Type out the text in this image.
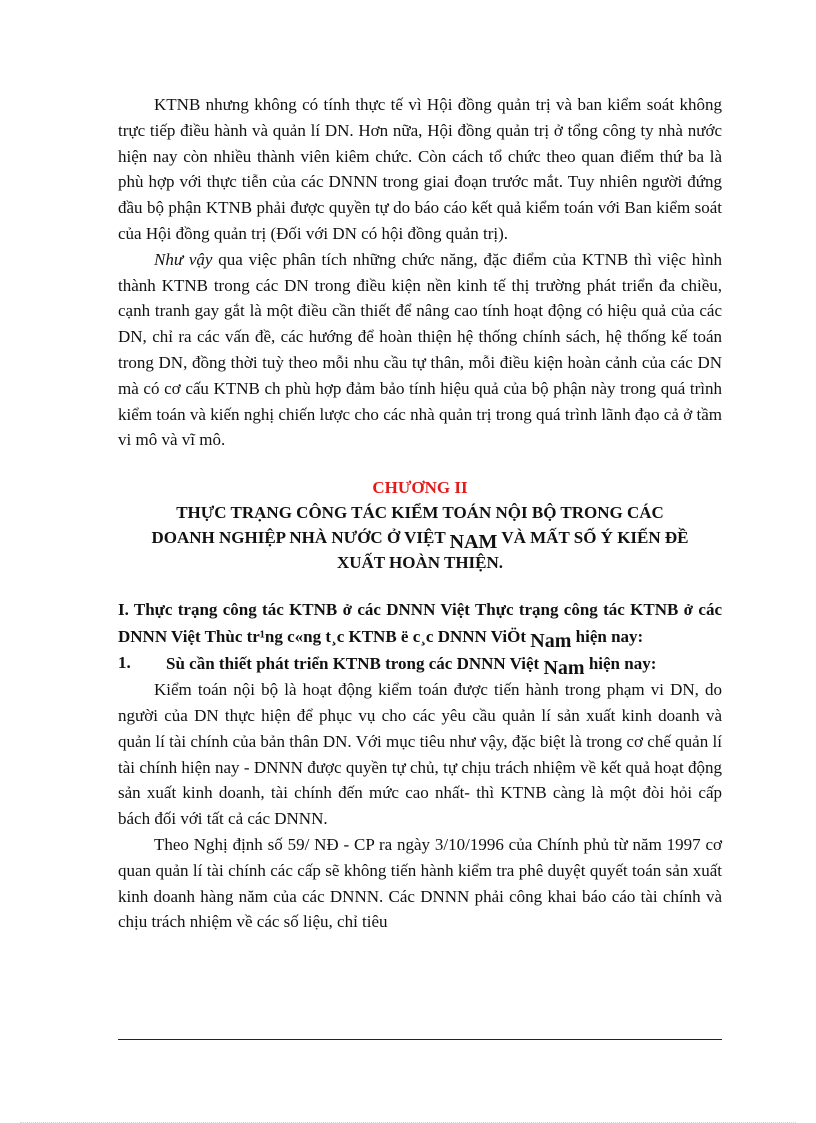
KTNB nhưng không có tính thực tế vì Hội đồng quản trị và ban kiểm soát không trực tiếp điều hành và quản lí DN. Hơn nữa, Hội đồng quản trị ở tổng công ty nhà nước hiện nay còn nhiều thành viên kiêm chức. Còn cách tổ chức theo quan điểm thứ ba là phù hợp với thực tiễn của các DNNN trong giai đoạn trước mắt. Tuy nhiên người đứng đầu bộ phận KTNB phải được quyền tự do báo cáo kết quả kiểm toán với Ban kiểm soát của Hội đồng quản trị (Đối với DN có hội đồng quản trị).

Như vậy qua việc phân tích những chức năng, đặc điểm của KTNB thì việc hình thành KTNB trong các DN trong điều kiện nền kinh tế thị trường phát triển đa chiều, cạnh tranh gay gắt là một điều cần thiết để nâng cao tính hoạt động có hiệu quả của các DN, chỉ ra các vấn đề, các hướng để hoàn thiện hệ thống chính sách, hệ thống kế toán trong DN, đồng thời tuỳ theo mỗi nhu cầu tự thân, mỗi điều kiện hoàn cảnh của các DN mà có cơ cấu KTNB ch phù hợp đảm bảo tính hiệu quả của bộ phận này trong quá trình kiểm toán và kiến nghị chiến lược cho các nhà quản trị trong quá trình lãnh đạo cả ở tầm vi mô và vĩ mô.

CHƯƠNG II
THỰC TRẠNG CÔNG TÁC KIỂM TOÁN NỘI BỘ TRONG CÁC
DOANH NGHIỆP NHÀ NƯỚC Ở VIỆT NAM VÀ MẤT SỐ Ý KIẾN ĐỀ
XUẤT HOÀN THIỆN.
I. Thực trạng công tác KTNB ở các DNNN Việt Thực trạng công tác KTNB ở các DNNN Việt Thùc tr¹ng c«ng t¸c KTNB ë c¸c DNNN ViÖt Nam hiện nay:
1.	Sù cần thiết phát triển KTNB trong các DNNN Việt Nam hiện nay:

Kiểm toán nội bộ là hoạt động kiểm toán được tiến hành trong phạm vi DN, do người của DN thực hiện để phục vụ cho các yêu cầu quản lí sản xuất kinh doanh và quản lí tài chính của bản thân DN. Với mục tiêu như vậy, đặc biệt là trong cơ chế quản lí tài chính hiện nay - DNNN được quyền tự chủ, tự chịu trách nhiệm về kết quả hoạt động sản xuất kinh doanh, tài chính đến mức cao nhất- thì KTNB càng là một đòi hỏi cấp bách đối với tất cả các DNNN.

Theo Nghị định số 59/ NĐ - CP ra ngày 3/10/1996 của Chính phủ từ năm 1997 cơ quan quản lí tài chính các cấp sẽ không tiến hành kiểm tra phê duyệt quyết toán sản xuất kinh doanh hàng năm của các DNNN. Các DNNN phải công khai báo cáo tài chính và chịu trách nhiệm về các số liệu, chỉ tiêu
